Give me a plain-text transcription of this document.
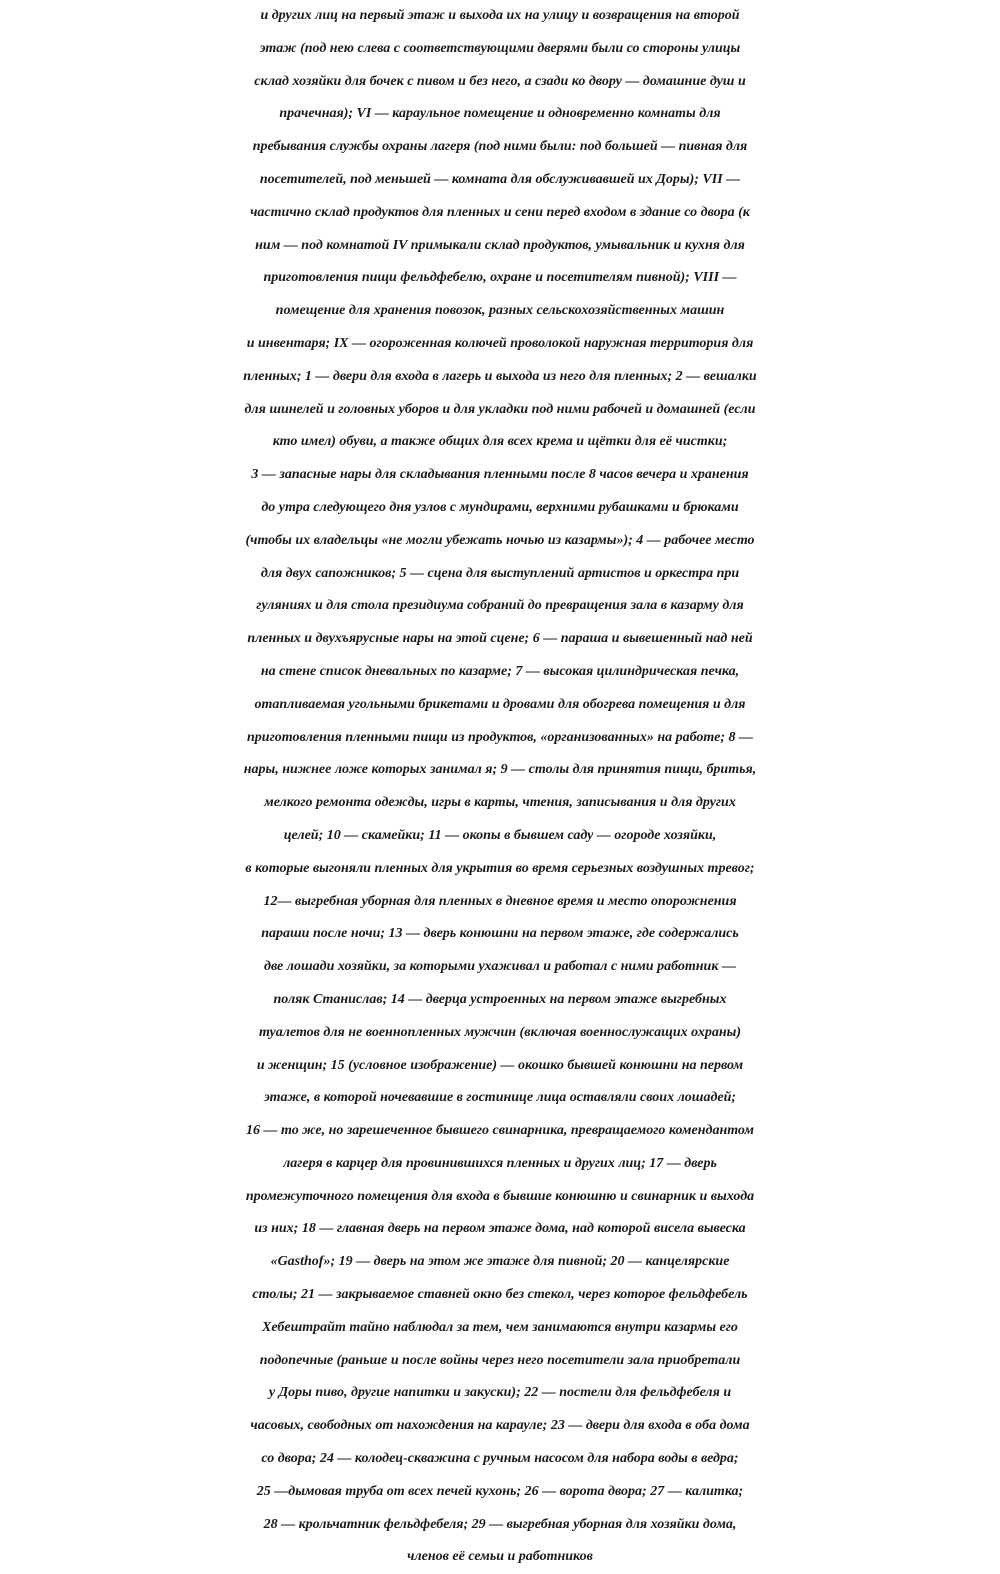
и других лиц на первый этаж и выхода их на улицу и возвращения на второй
этаж (под нею слева с соответствующими дверями были со стороны улицы
склад хозяйки для бочек с пивом и без него, а сзади ко двору — домашние душ и
прачечная); VI — караульное помещение и одновременно комнаты для
пребывания службы охраны лагеря (под ними были: под большей — пивная для
посетителей, под меньшей — комната для обслуживавшей их Доры); VII —
частично склад продуктов для пленных и сени перед входом в здание со двора (к
ним — под комнатой IV примыкали склад продуктов, умывальник и кухня для
приготовления пищи фельдфебелю, охране и посетителям пивной); VIII —
помещение для хранения повозок, разных сельскохозяйственных машин
и инвентаря; IX — огороженная колючей проволокой наружная территория для
пленных; 1 — двери для входа в лагерь и выхода из него для пленных; 2 — вешалки
для шинелей и головных уборов и для укладки под ними рабочей и домашней (если
кто имел) обуви, а также общих для всех крема и щётки для её чистки;
3 — запасные нары для складывания пленными после 8 часов вечера и хранения
до утра следующего дня узлов с мундирами, верхними рубашками и брюками
(чтобы их владельцы «не могли убежать ночью из казармы»); 4 — рабочее место
для двух сапожников; 5 — сцена для выступлений артистов и оркестра при
гуляниях и для стола президиума собраний до превращения зала в казарму для
пленных и двухъярусные нары на этой сцене; 6 — параша и вывешенный над ней
на стене список дневальных по казарме; 7 — высокая цилиндрическая печка,
отапливаемая угольными брикетами и дровами для обогрева помещения и для
приготовления пленными пищи из продуктов, «организованных» на работе; 8 —
нары, нижнее ложе которых занимал я; 9 — столы для принятия пищи, бритья,
мелкого ремонта одежды, игры в карты, чтения, записывания и для других
целей; 10 — скамейки; 11 — окопы в бывшем саду — огороде хозяйки,
в которые выгоняли пленных для укрытия во время серьезных воздушных тревог;
12— выгребная уборная для пленных в дневное время и место опорожнения
параши после ночи; 13 — дверь конюшни на первом этаже, где содержались
две лошади хозяйки, за которыми ухаживал и работал с ними работник —
поляк Станислав; 14 — дверца устроенных на первом этаже выгребных
туалетов для не военнопленных мужчин (включая военнослужащих охраны)
и женщин; 15 (условное изображение) — окошко бывшей конюшни на первом
этаже, в которой ночевавшие в гостинице лица оставляли своих лошадей;
16 — то же, но зарешеченное бывшего свинарника, превращаемого комендантом
лагеря в карцер для провинившихся пленных и других лиц; 17 — дверь
промежуточного помещения для входа в бывшие конюшню и свинарник и выхода
из них; 18 — главная дверь на первом этаже дома, над которой висела вывеска
«Gasthof»; 19 — дверь на этом же этаже для пивной; 20 — канцелярские
столы; 21 — закрываемое ставней окно без стекол, через которое фельдфебель
Хебештрайт тайно наблюдал за тем, чем занимаются внутри казармы его
подопечные (раньше и после войны через него посетители зала приобретали
у Доры пиво, другие напитки и закуски); 22 — постели для фельдфебеля и
часовых, свободных от нахождения на карауле; 23 — двери для входа в оба дома
со двора; 24 — колодец-скважина с ручным насосом для набора воды в ведра;
25 —дымовая труба от всех печей кухонь; 26 — ворота двора; 27 — калитка;
28 — крольчатник фельдфебеля; 29 — выгребная уборная для хозяйки дома,
членов её семьи и работников
